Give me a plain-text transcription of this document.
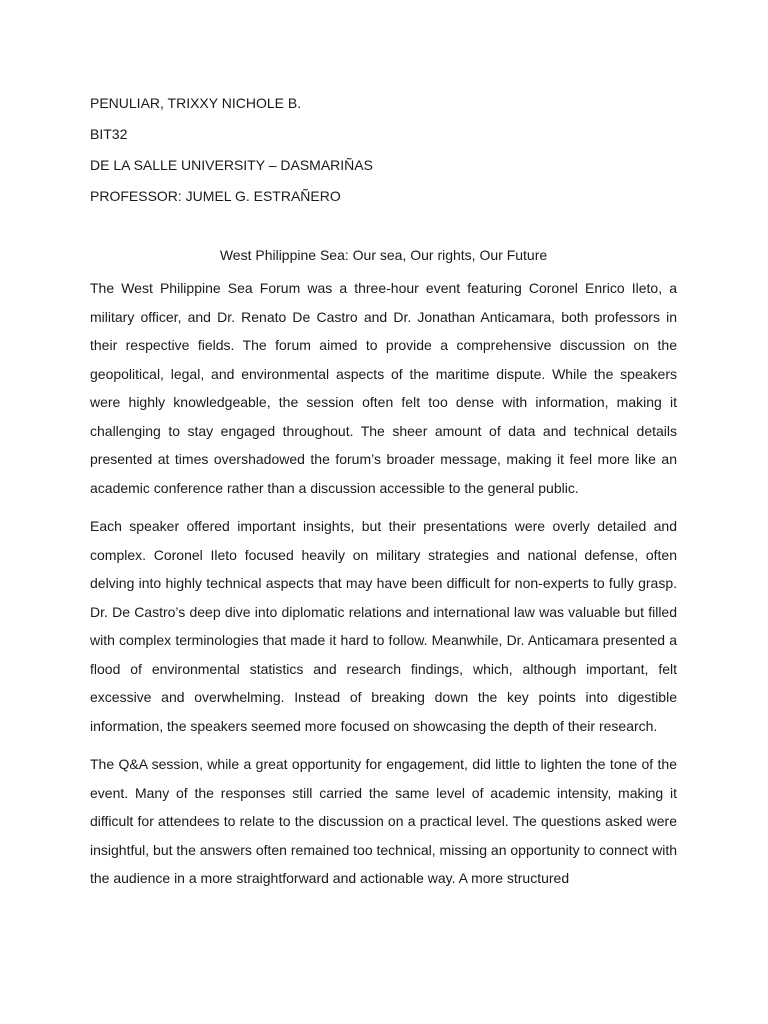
PENULIAR, TRIXXY NICHOLE B.
BIT32
DE LA SALLE UNIVERSITY – DASMARIÑAS
PROFESSOR: JUMEL G. ESTRAÑERO
West Philippine Sea: Our sea, Our rights, Our Future

The West Philippine Sea Forum was a three-hour event featuring Coronel Enrico Ileto, a military officer, and Dr. Renato De Castro and Dr. Jonathan Anticamara, both professors in their respective fields. The forum aimed to provide a comprehensive discussion on the geopolitical, legal, and environmental aspects of the maritime dispute. While the speakers were highly knowledgeable, the session often felt too dense with information, making it challenging to stay engaged throughout. The sheer amount of data and technical details presented at times overshadowed the forum’s broader message, making it feel more like an academic conference rather than a discussion accessible to the general public.

Each speaker offered important insights, but their presentations were overly detailed and complex. Coronel Ileto focused heavily on military strategies and national defense, often delving into highly technical aspects that may have been difficult for non-experts to fully grasp. Dr. De Castro’s deep dive into diplomatic relations and international law was valuable but filled with complex terminologies that made it hard to follow. Meanwhile, Dr. Anticamara presented a flood of environmental statistics and research findings, which, although important, felt excessive and overwhelming. Instead of breaking down the key points into digestible information, the speakers seemed more focused on showcasing the depth of their research.

The Q&A session, while a great opportunity for engagement, did little to lighten the tone of the event. Many of the responses still carried the same level of academic intensity, making it difficult for attendees to relate to the discussion on a practical level. The questions asked were insightful, but the answers often remained too technical, missing an opportunity to connect with the audience in a more straightforward and actionable way. A more structured
